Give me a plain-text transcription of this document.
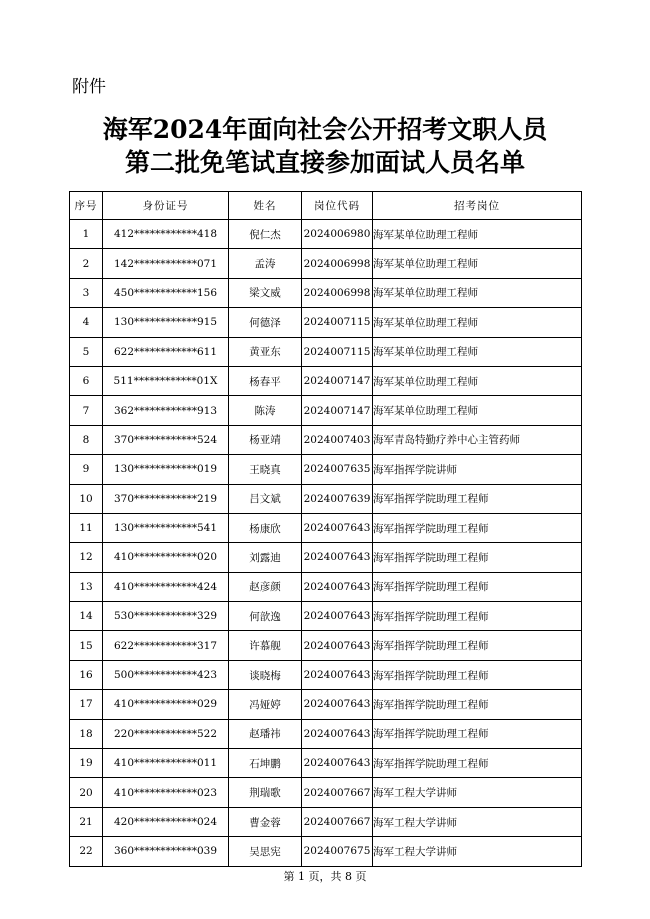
附件
海军2024年面向社会公开招考文职人员
第二批免笔试直接参加面试人员名单
序号	身份证号	姓名	岗位代码	招考岗位
1	412************418	倪仁杰	2024006980	海军某单位助理工程师
2	142************071	孟涛	2024006998	海军某单位助理工程师
3	450************156	梁文威	2024006998	海军某单位助理工程师
4	130************915	何德泽	2024007115	海军某单位助理工程师
5	622************611	黄亚东	2024007115	海军某单位助理工程师
6	511************01X	杨春平	2024007147	海军某单位助理工程师
7	362************913	陈涛	2024007147	海军某单位助理工程师
8	370************524	杨亚靖	2024007403	海军青岛特勤疗养中心主管药师
9	130************019	王晓真	2024007635	海军指挥学院讲师
10	370************219	吕文斌	2024007639	海军指挥学院助理工程师
11	130************541	杨康欣	2024007643	海军指挥学院助理工程师
12	410************020	刘露迪	2024007643	海军指挥学院助理工程师
13	410************424	赵彦颜	2024007643	海军指挥学院助理工程师
14	530************329	何歆逸	2024007643	海军指挥学院助理工程师
15	622************317	许慕舰	2024007643	海军指挥学院助理工程师
16	500************423	谈晓梅	2024007643	海军指挥学院助理工程师
17	410************029	冯娅婷	2024007643	海军指挥学院助理工程师
18	220************522	赵璠祎	2024007643	海军指挥学院助理工程师
19	410************011	石坤鹏	2024007643	海军指挥学院助理工程师
20	410************023	荆瑞歌	2024007667	海军工程大学讲师
21	420************024	曹金蓉	2024007667	海军工程大学讲师
22	360************039	吴思宪	2024007675	海军工程大学讲师
第 1 页，共 8 页
